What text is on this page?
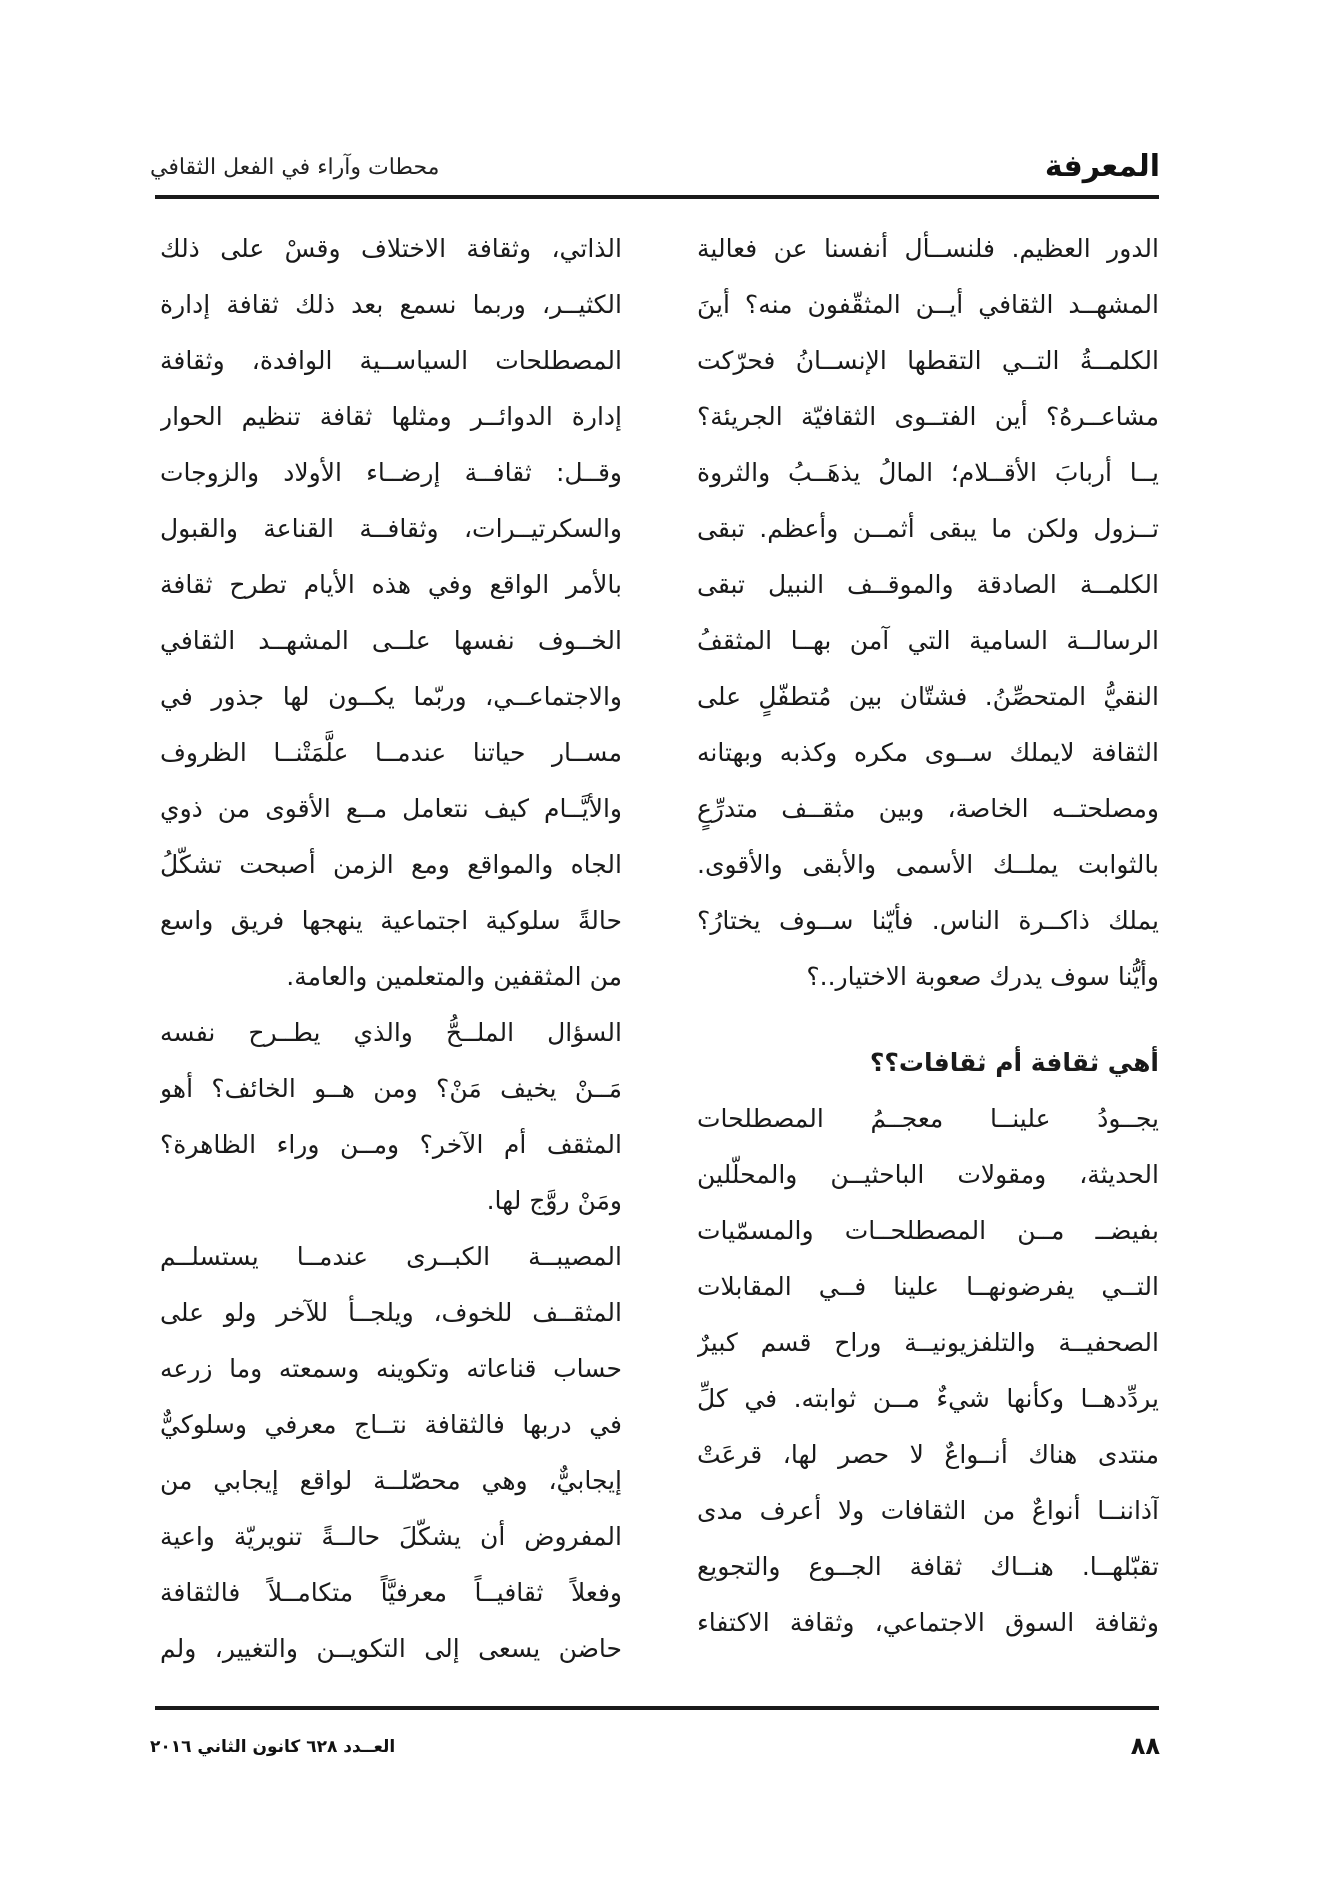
المعرفة
محطات وآراء في الفعل الثقافي
الدور العظيم. فلنســأل أنفسنا عن فعالية
المشهــد الثقافي أيــن المثقّفون منه؟ أينَ
الكلمــةُ التــي التقطها الإنســانُ فحرّكت
مشاعــرهُ؟ أين الفتــوى الثقافيّة الجريئة؟
يــا أربابَ الأقــلام؛ المالُ يذهَــبُ والثروة
تــزول ولكن ما يبقى أثمــن وأعظم. تبقى
الكلمــة الصادقة والموقــف النبيل تبقى
الرسالــة السامية التي آمن بهــا المثقفُ
النقيُّ المتحصِّنُ. فشتّان بين مُتطفّلٍ على
الثقافة لايملك ســوى مكره وكذبه وبهتانه
ومصلحتــه الخاصة، وبين مثقــف متدرِّعٍ
بالثوابت يملــك الأسمى والأبقى والأقوى.
يملك ذاكــرة الناس. فأيّنا ســوف يختارُ؟
وأيُّنا سوف يدرك صعوبة الاختيار..؟
أهي ثقافة أم ثقافات؟؟
يجــودُ علينــا معجــمُ المصطلحات
الحديثة، ومقولات الباحثيــن والمحلّلين
بفيضــ مــن المصطلحــات والمسمّيات
التــي يفرضونهــا علينا فــي المقابلات
الصحفيــة والتلفزيونيــة وراح قسم كبيرٌ
يردِّدهــا وكأنها شيءٌ مــن ثوابته. في كلِّ
منتدى هناك أنــواعٌ لا حصر لها، قرعَتْ
آذاننــا أنواعٌ من الثقافات ولا أعرف مدى
تقبّلهــا. هنــاك ثقافة الجــوع والتجويع
وثقافة السوق الاجتماعي، وثقافة الاكتفاء
الذاتي، وثقافة الاختلاف وقسْ على ذلك
الكثيــر، وربما نسمع بعد ذلك ثقافة إدارة
المصطلحات السياســية الوافدة، وثقافة
إدارة الدوائــر ومثلها ثقافة تنظيم الحوار
وقــل: ثقافــة إرضــاء الأولاد والزوجات
والسكرتيــرات، وثقافــة القناعة والقبول
بالأمر الواقع وفي هذه الأيام تطرح ثقافة
الخــوف نفسها علــى المشهــد الثقافي
والاجتماعــي، وربّما يكــون لها جذور في
مســار حياتنا عندمــا علَّمَتْنــا الظروف
والأيَّــام كيف نتعامل مــع الأقوى من ذوي
الجاه والمواقع ومع الزمن أصبحت تشكّلُ
حالةً سلوكية اجتماعية ينهجها فريق واسع
من المثقفين والمتعلمين والعامة.
السؤال الملــحُّ والذي يطــرح نفسه
مَــنْ يخيف مَنْ؟ ومن هــو الخائف؟ أهو
المثقف أم الآخر؟ ومــن وراء الظاهرة؟
ومَنْ روَّج لها.
المصيبــة الكبــرى عندمــا يستسلــم
المثقــف للخوف، ويلجــأ للآخر ولو على
حساب قناعاته وتكوينه وسمعته وما زرعه
في دربها فالثقافة نتــاج معرفي وسلوكيٌّ
إيجابيٌّ، وهي محصّلــة لواقع إيجابي من
المفروض أن يشكّلَ حالــةً تنويريّة واعية
وفعلاً ثقافيــاً معرفيَّاً متكامــلاً فالثقافة
حاضن يسعى إلى التكويــن والتغيير، ولم
٨٨
العــدد ٦٢٨ كانون الثاني ٢٠١٦
